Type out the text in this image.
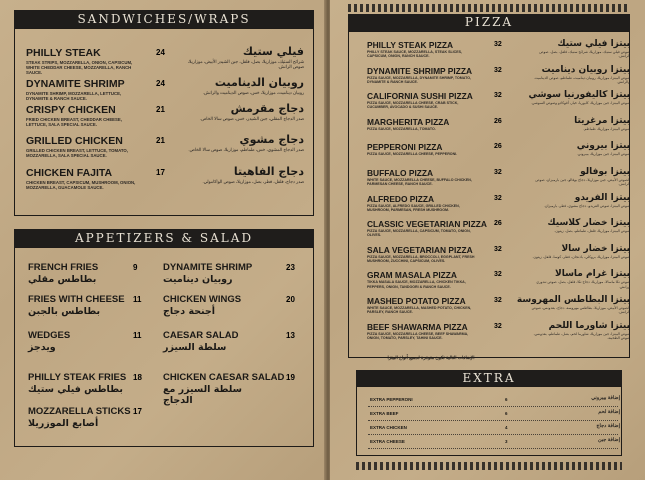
SANDWICHES/WRAPS
APPETIZERS & SALAD
PIZZA
EXTRA
PHILLY STEAK	24	فيلي ستيك
STEAK STRIPS, MOZZARELLA, ONION, CAPSICUM, WHITE CHEDDAR CHEESE, MOZZARELLA, RANCH SAUCE.
شرائح الستيك، موزاريلا، بصل، فلفل، جبن الشيدر الأبيض، موزاريلا، صوص الرانش.
DYNAMITE SHRIMP	24	روبيان الديناميت
DYNAMITE SHRIMP, MOZZARELLA, LETTUCE, DYNAMITE & RANCH SAUCE.
روبيان ديناميت، موزاريلا، خس، صوص الديناميت والرانش.
CRISPY CHICKEN	21	دجاج مقرمش
FRIED CHICKEN BREAST, CHEDDAR CHEESE, LETTUCE, SALA SPECIAL SAUCE.
صدر الدجاج المقلي، جبن الشيدر، خس، صوص سالا الخاص.
GRILLED CHICKEN	21	دجاج مشوي
GRILLED CHICKEN BREAST, LETTUCE, TOMATO, MOZZARELLA, SALA SPECIAL SAUCE.
صدر الدجاج المشوي، خس، طماطم، موزاريلا، صوص سالا الخاص.
CHICKEN FAJITA	17	دجاج الفاهيتا
CHICKEN BREAST, CAPSICUM, MUSHROOM, ONION, MOZZARELLA, GUACAMOLE SAUCE.
صدر دجاج، فلفل، فطر، بصل، موزاريلا، صوص الواكامولي.
FRENCH FRIES
بطاطس مقلي
9
FRIES WITH CHEESE
بطاطس بالجبن
11
WEDGES
ويدجز
11
PHILLY STEAK FRIES
بطاطس فيلي ستيك
18
MOZZARELLA STICKS
أصابع الموزريلا
17
DYNAMITE SHRIMP
روبيان ديناميت
23
CHICKEN WINGS
أجنحة دجاج
20
CAESAR SALAD
سلطة السيزر
13
CHICKEN CAESAR SALAD
سلطة السيزر مع الدجاج
19
PHILLY STEAK PIZZA	32	بيتزا فيلي ستيك
PHILLY STEAK SAUCE, MOZZARELLA, STEAK SLICES, CAPSICUM, ONION, RANCH SAUCE.
صوص فيلي ستيك، موزاريلا، شرائح ستيك، فلفل، بصل، صوص الرانش.
DYNAMITE SHRIMP PIZZA	32	بيتزا روبيان ديناميت
PIZZA SAUCE, MOZZARELLA, DYNAMITE SHRIMP, TOMATO, DYNAMITE & RANCH SAUCE.
صوص البيتزا، موزاريلا، روبيان ديناميت، طماطم، صوص الديناميت والرانش.
CALIFORNIA SUSHI PIZZA	32	بيتزا كاليفورنيا سوشي
PIZZA SAUCE, MOZZARELLA CHEESE, CRAB STICK, CUCUMBER, AVOCADO & SUSHI SAUCE.
صوص البيتزا، جبن موزاريلا، كابوريا، خيار، أفوكادو وصوص السوشي.
MARGHERITA PIZZA	26	بيتزا مرغريتا
PIZZA SAUCE, MOZZARELLA, TOMATO.	صوص البيتزا، موزاريلا، طماطم.
PEPPERONI PIZZA	26	بيتزا بيروني
PIZZA SAUCE, MOZZARELLA CHEESE, PEPPERONI.	صوص البيتزا، جبن موزاريلا، بيبروني.
BUFFALO PIZZA	32	بيتزا بوفالو
WHITE SAUCE, MOZZARELLA CHEESE, BUFFALO CHICKEN, PARMESAN CHEESE, RANCH SAUCE.
الصوص الأبيض، جبن موزاريلا، دجاج بوفالو، جبن بارميزان، صوص الرانش.
ALFREDO PIZZA	32	بيتزا الفريدو
PIZZA SAUCE, ALFREDO SAUCE, GRILLED CHICKEN, MUSHROOM, PARMESAN, FRESH MUSHROOM.
صوص البيتزا، صوص الفريدو، دجاج مشوي، فطر، بارميزان.
CLASSIC VEGETARIAN PIZZA 26	بيتزا خضار كلاسيك
PIZZA SAUCE, MOZZARELLA, CAPSICUM, TOMATO, ONION, OLIVES.
صوص البيتزا، موزاريلا، فلفل، طماطم، بصل، زيتون.
SALA VEGETARIAN PIZZA	32	بيتزا خضار سالا
PIZZA SAUCE, MOZZARELLA, BROCCOLI, EGGPLANT, FRESH MUSHROOM, ZUCCHINI, CAPSICUM, OLIVES.
صوص البيتزا، موزاريلا، بروكلي، باذنجان، فطر، كوسا، فلفل، زيتون.
GRAM MASALA PIZZA	32	بيتزا غرام ماسالا
TIKKA MASALA SAUCE, MOZZARELLA, CHICKEN TIKKA, PEPPERS, ONION, TANDOORI & RANCH SAUCE.
صوص تكا ماسالا، موزاريلا، دجاج تكا، فلفل، بصل، صوص تندوري ورانش.
MASHED POTATO PIZZA	32 بيتزا البطاطس المهروسة
WHITE SAUCE, MOZZARELLA, MASHED POTATO, CHICKEN, PARSLEY, RANCH SAUCE.
الصوص الأبيض، موزاريلا، بطاطس مهروسة، دجاج، بقدونس، صوص الرانش.
BEEF SHAWARMA PIZZA	32	بيتزا شاورما اللحم
PIZZA SAUCE, MOZZARELLA CHEESE, BEEF SHAWARMA, ONION, TOMATO, PARSLEY, TAHINI SAUCE.
صوص البيتزا، جبن موزاريلا، شاورما لحم، بصل، طماطم، بقدونس، صوص الطحينة.
الإضافات التالية تكون متوفرة لجميع أنواع البيتزا
EXTRA PEPPERONI	6	إضافة بيبروني
EXTRA BEEF	6	إضافة لحم
EXTRA CHICKEN	4	إضافة دجاج
EXTRA CHEESE	3	إضافة جبن
